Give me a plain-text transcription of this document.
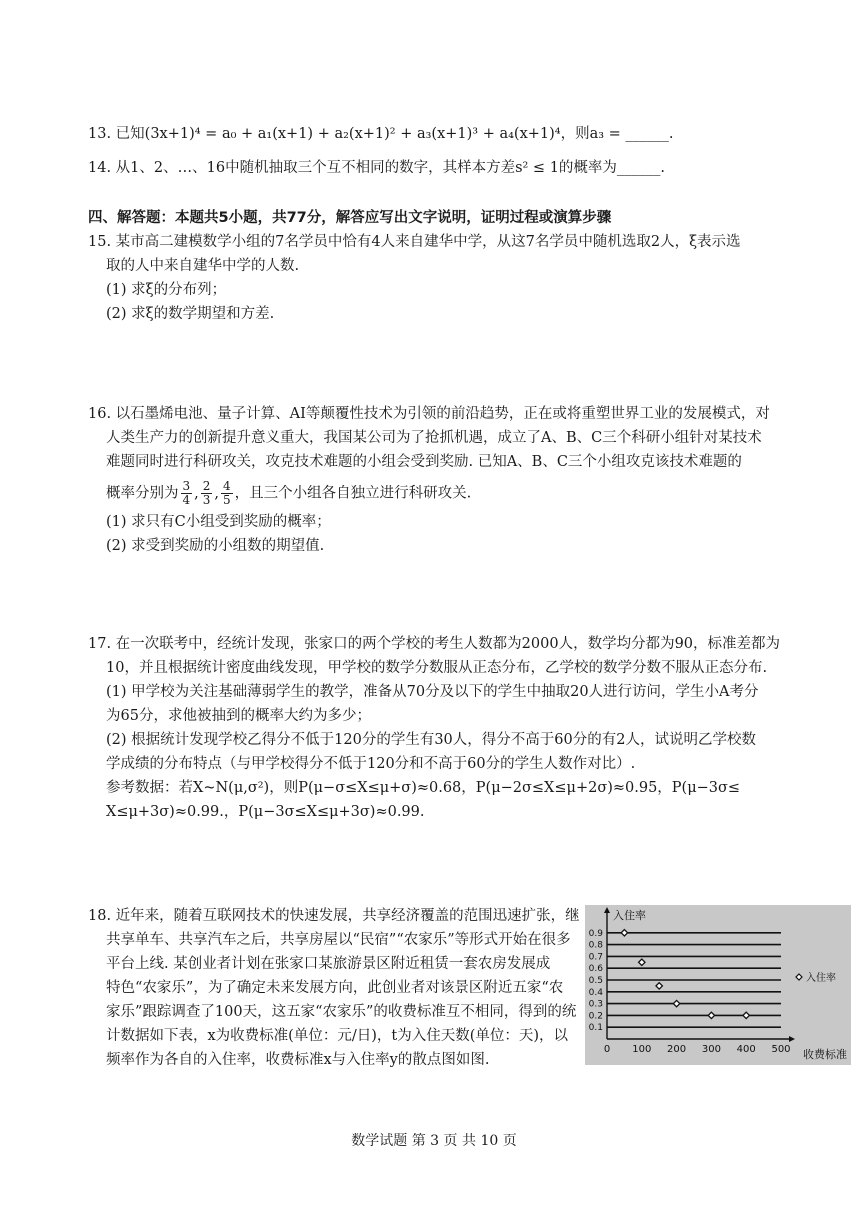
13. 已知(3x+1)⁴ = a₀ + a₁(x+1) + a₂(x+1)² + a₃(x+1)³ + a₄(x+1)⁴，则a₃ = ______.
14. 从1、2、…、16中随机抽取三个互不相同的数字，其样本方差s² ≤ 1的概率为______.
四、解答题：本题共5小题，共77分，解答应写出文字说明，证明过程或演算步骤
15. 某市高二建模数学小组的7名学员中恰有4人来自建华中学，从这7名学员中随机选取2人，ξ表示选
取的人中来自建华中学的人数.
(1) 求ξ的分布列；
(2) 求ξ的数学期望和方差.
16. 以石墨烯电池、量子计算、AI等颠覆性技术为引领的前沿趋势，正在或将重塑世界工业的发展模式，对
人类生产力的创新提升意义重大，我国某公司为了抢抓机遇，成立了A、B、C三个科研小组针对某技术
难题同时进行科研攻关，攻克技术难题的小组会受到奖励. 已知A、B、C三个小组攻克该技术难题的
概率分别为 $\frac{3}{4}$ , $\frac{2}{3}$ , $\frac{4}{5}$ ，且三个小组各自独立进行科研攻关.
(1) 求只有C小组受到奖励的概率；
(2) 求受到奖励的小组数的期望值.
17. 在一次联考中，经统计发现，张家口的两个学校的考生人数都为2000人，数学均分都为90，标准差都为
10，并且根据统计密度曲线发现，甲学校的数学分数服从正态分布，乙学校的数学分数不服从正态分布.
(1) 甲学校为关注基础薄弱学生的教学，准备从70分及以下的学生中抽取20人进行访问，学生小A考分
为65分，求他被抽到的概率大约为多少；
(2) 根据统计发现学校乙得分不低于120分的学生有30人，得分不高于60分的有2人，试说明乙学校数
学成绩的分布特点（与甲学校得分不低于120分和不高于60分的学生人数作对比）.
参考数据：若X~N(μ,σ²)，则P(μ−σ≤X≤μ+σ)≈0.68，P(μ−2σ≤X≤μ+2σ)≈0.95，P(μ−3σ≤
X≤μ+3σ)≈0.99.，P(μ−3σ≤X≤μ+3σ)≈0.99.
18. 近年来，随着互联网技术的快速发展，共享经济覆盖的范围迅速扩张，继
共享单车、共享汽车之后，共享房屋以“民宿”“农家乐”等形式开始在很多
平台上线. 某创业者计划在张家口某旅游景区附近租赁一套农房发展成
特色“农家乐”，为了确定未来发展方向，此创业者对该景区附近五家“农
家乐”跟踪调查了100天，这五家“农家乐”的收费标准互不相同，得到的统
计数据如下表，x为收费标准(单位：元/日)，t为入住天数(单位：天)，以
频率作为各自的入住率，收费标准x与入住率y的散点图如图.
0.1
0.2
0.3
0.4
0.5
0.6
0.7
0.8
0.9
0 100 200 300 400 500
入住率
收费标准
入住率
数学试题 第 3 页 共 10 页
